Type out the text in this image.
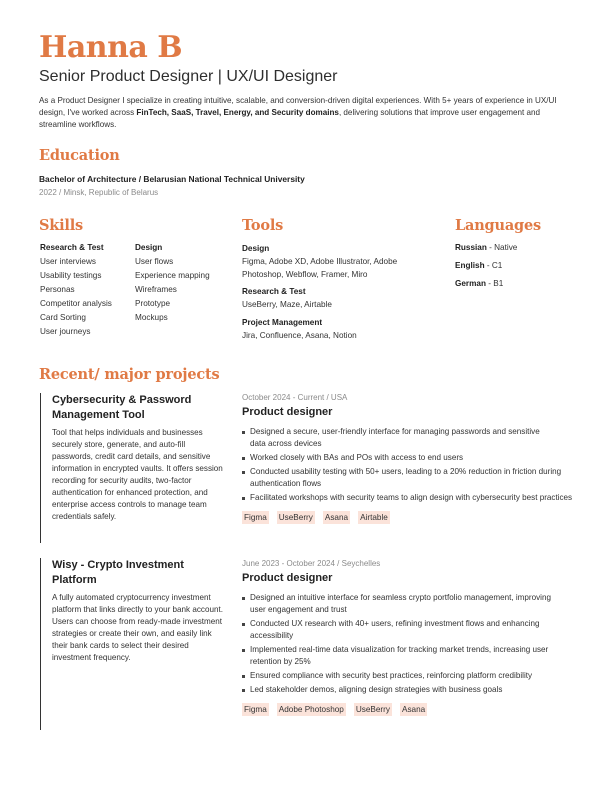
Hanna B
Senior Product Designer | UX/UI Designer
As a Product Designer I specialize in creating intuitive, scalable, and conversion-driven digital experiences. With 5+ years of experience in UX/UI design, I've worked across FinTech, SaaS, Travel, Energy, and Security domains, delivering solutions that improve user engagement and streamline workflows.
Education
Bachelor of Architecture / Belarusian National Technical University
2022 / Minsk, Republic of Belarus
Skills
Research & Test
User interviews
Usability testings
Personas
Competitor analysis
Card Sorting
User journeys
Design
User flows
Experience mapping
Wireframes
Prototype
Mockups
Tools
Design
Figma, Adobe XD, Adobe Illustrator, Adobe Photoshop, Webflow, Framer, Miro
Research & Test
UseBerry, Maze, Airtable
Project Management
Jira, Confluence, Asana, Notion
Languages
Russian - Native
English - C1
German - B1
Recent/ major projects
Cybersecurity & Password Management Tool
Tool that helps individuals and businesses securely store, generate, and auto-fill passwords, credit card details, and sensitive information in encrypted vaults. It offers session recording for security audits, two-factor authentication for enhanced protection, and enterprise access controls to manage team credentials safely.
October 2024 - Current / USA
Product designer
Designed a secure, user-friendly interface for managing passwords and sensitive data across devices
Worked closely with BAs and POs with access to end users
Conducted usability testing with 50+ users, leading to a 20% reduction in friction during authentication flows
Facilitated workshops with security teams to align design with cybersecurity best practices
Figma UseBerry Asana Airtable
Wisy - Crypto Investment Platform
A fully automated cryptocurrency investment platform that links directly to your bank account. Users can choose from ready-made investment strategies or create their own, and easily link their bank cards to select their desired investment frequency.
June 2023 - October 2024 / Seychelles
Product designer
Designed an intuitive interface for seamless crypto portfolio management, improving user engagement and trust
Conducted UX research with 40+ users, refining investment flows and enhancing accessibility
Implemented real-time data visualization for tracking market trends, increasing user retention by 25%
Ensured compliance with security best practices, reinforcing platform credibility
Led stakeholder demos, aligning design strategies with business goals
Figma Adobe Photoshop UseBerry Asana
